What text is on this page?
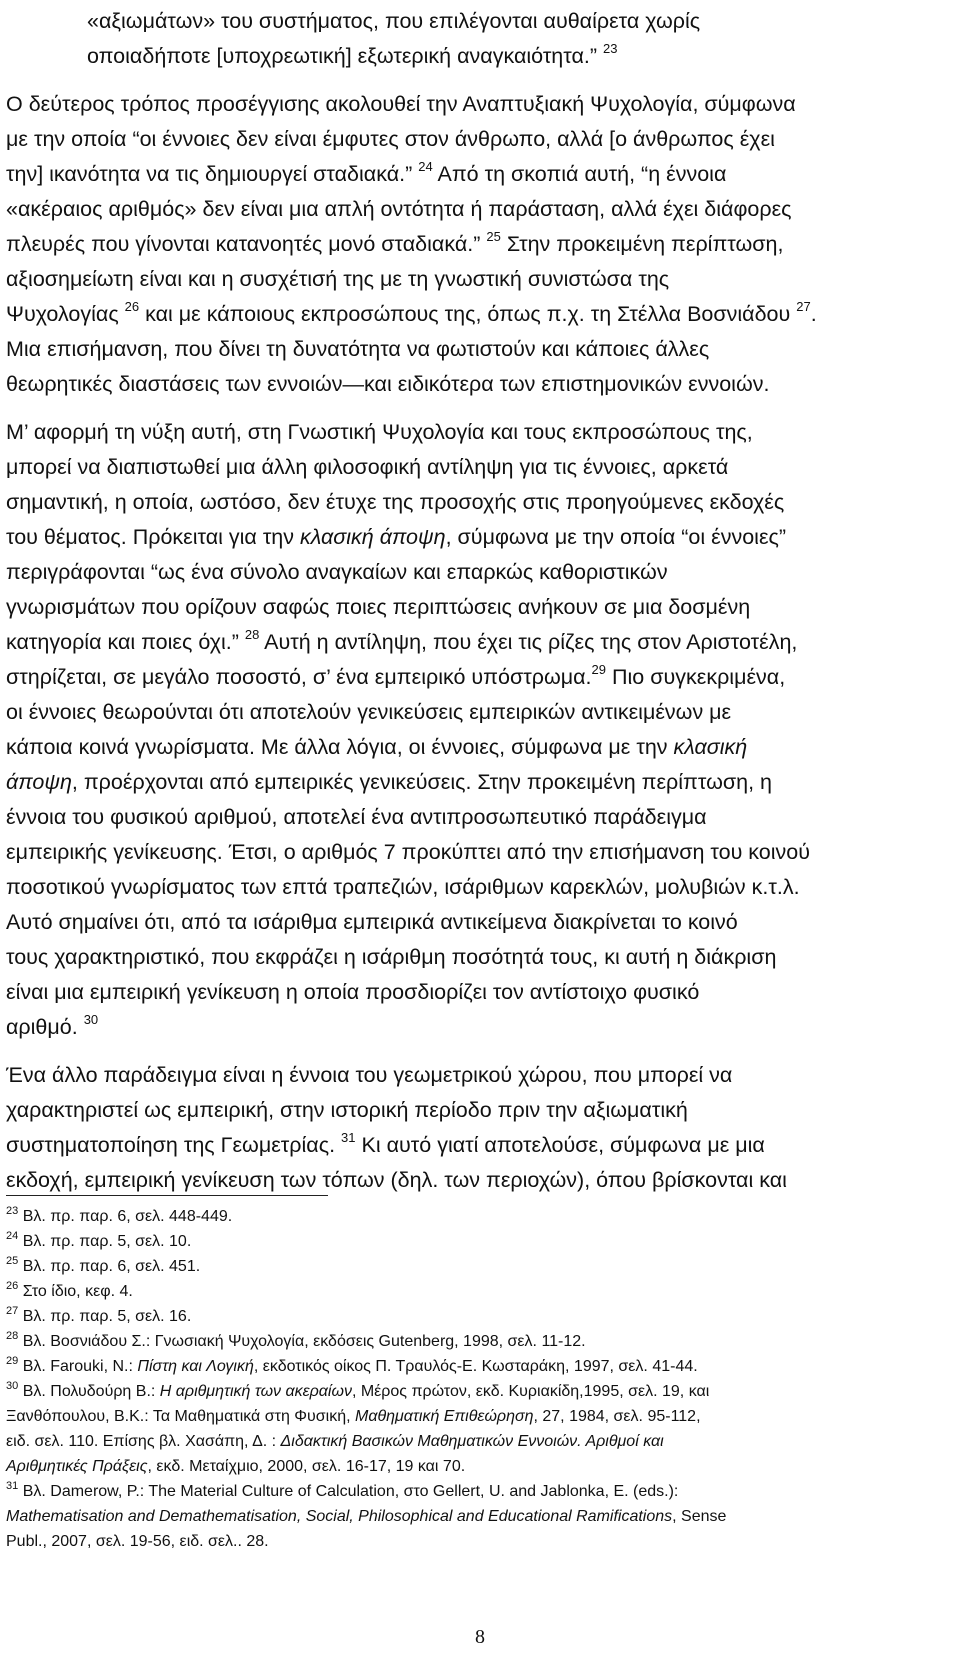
«αξιωμάτων» του συστήματος, που επιλέγονται αυθαίρετα χωρίς
οποιαδήποτε [υποχρεωτική] εξωτερική αναγκαιότητα.” $^{23}$
Ο δεύτερος τρόπος προσέγγισης ακολουθεί την Αναπτυξιακή Ψυχολογία, σύμφωνα
με την οποία “οι έννοιες δεν είναι έμφυτες στον άνθρωπο, αλλά [ο άνθρωπος έχει
την] ικανότητα να τις δημιουργεί σταδιακά.” $^{24}$ Από τη σκοπιά αυτή, “η έννοια
«ακέραιος αριθμός» δεν είναι μια απλή οντότητα ή παράσταση, αλλά έχει διάφορες
πλευρές που γίνονται κατανοητές μονό σταδιακά.” $^{25}$ Στην προκειμένη περίπτωση,
αξιοσημείωτη είναι και η συσχέτισή της με τη γνωστική συνιστώσα της
Ψυχολογίας $^{26}$ και με κάποιους εκπροσώπους της, όπως π.χ. τη Στέλλα Βοσνιάδου $^{27}$.
Μια επισήμανση, που δίνει τη δυνατότητα να φωτιστούν και κάποιες άλλες
θεωρητικές διαστάσεις των εννοιών—και ειδικότερα των επιστημονικών εννοιών.
Μ’ αφορμή τη νύξη αυτή, στη Γνωστική Ψυχολογία και τους εκπροσώπους της,
μπορεί να διαπιστωθεί μια άλλη φιλοσοφική αντίληψη για τις έννοιες, αρκετά
σημαντική, η οποία, ωστόσο, δεν έτυχε της προσοχής στις προηγούμενες εκδοχές
του θέματος. Πρόκειται για την κλασική άποψη, σύμφωνα με την οποία “οι έννοιες”
περιγράφονται “ως ένα σύνολο αναγκαίων και επαρκώς καθοριστικών
γνωρισμάτων που ορίζουν σαφώς ποιες περιπτώσεις ανήκουν σε μια δοσμένη
κατηγορία και ποιες όχι.” $^{28}$ Αυτή η αντίληψη, που έχει τις ρίζες της στον Αριστοτέλη,
στηρίζεται, σε μεγάλο ποσοστό, σ’ ένα εμπειρικό υπόστρωμα.$^{29}$ Πιο συγκεκριμένα,
οι έννοιες θεωρούνται ότι αποτελούν γενικεύσεις εμπειρικών αντικειμένων με
κάποια κοινά γνωρίσματα. Με άλλα λόγια, οι έννοιες, σύμφωνα με την κλασική
άποψη, προέρχονται από εμπειρικές γενικεύσεις. Στην προκειμένη περίπτωση, η
έννοια του φυσικού αριθμού, αποτελεί ένα αντιπροσωπευτικό παράδειγμα
εμπειρικής γενίκευσης. Έτσι, ο αριθμός 7 προκύπτει από την επισήμανση του κοινού
ποσοτικού γνωρίσματος των επτά τραπεζιών, ισάριθμων καρεκλών, μολυβιών κ.τ.λ.
Αυτό σημαίνει ότι, από τα ισάριθμα εμπειρικά αντικείμενα διακρίνεται το κοινό
τους χαρακτηριστικό, που εκφράζει η ισάριθμη ποσότητά τους, κι αυτή η διάκριση
είναι μια εμπειρική γενίκευση η οποία προσδιορίζει τον αντίστοιχο φυσικό
αριθμό. $^{30}$
Ένα άλλο παράδειγμα είναι η έννοια του γεωμετρικού χώρου, που μπορεί να
χαρακτηριστεί ως εμπειρική, στην ιστορική περίοδο πριν την αξιωματική
συστηματοποίηση της Γεωμετρίας. $^{31}$ Κι αυτό γιατί αποτελούσε, σύμφωνα με μια
εκδοχή, εμπειρική γενίκευση των τόπων (δηλ. των περιοχών), όπου βρίσκονται και
$^{23}$ Βλ. πρ. παρ. 6, σελ. 448-449.
$^{24}$ Βλ. πρ. παρ. 5, σελ. 10.
$^{25}$ Βλ. πρ. παρ. 6, σελ. 451.
$^{26}$ Στο ίδιο, κεφ. 4.
$^{27}$ Βλ. πρ. παρ. 5, σελ. 16.
$^{28}$ Βλ. Βοσνιάδου Σ.: Γνωσιακή Ψυχολογία, εκδόσεις Gutenberg, 1998, σελ. 11-12.
$^{29}$ Βλ. Farouki, N.: Πίστη και Λογική, εκδοτικός οίκος Π. Τραυλός-Ε. Κωσταράκη, 1997, σελ. 41-44.
$^{30}$ Βλ. Πολυδούρη Β.: Η αριθμητική των ακεραίων, Μέρος πρώτον, εκδ. Κυριακίδη,1995, σελ. 19, και
Ξανθόπουλου, Β.Κ.: Τα Μαθηματικά στη Φυσική, Μαθηματική Επιθεώρηση, 27, 1984, σελ. 95-112,
ειδ. σελ. 110. Επίσης βλ. Χασάπη, Δ. : Διδακτική Βασικών Μαθηματικών Εννοιών. Αριθμοί και
Αριθμητικές Πράξεις, εκδ. Μεταίχμιο, 2000, σελ. 16-17, 19 και 70.
$^{31}$ Βλ. Damerow, P.: The Material Culture of Calculation, στο Gellert, U. and Jablonka, E. (eds.):
Mathematisation and Demathematisation, Social, Philosophical and Educational Ramifications, Sense
Publ., 2007, σελ. 19-56, ειδ. σελ.. 28.
8
